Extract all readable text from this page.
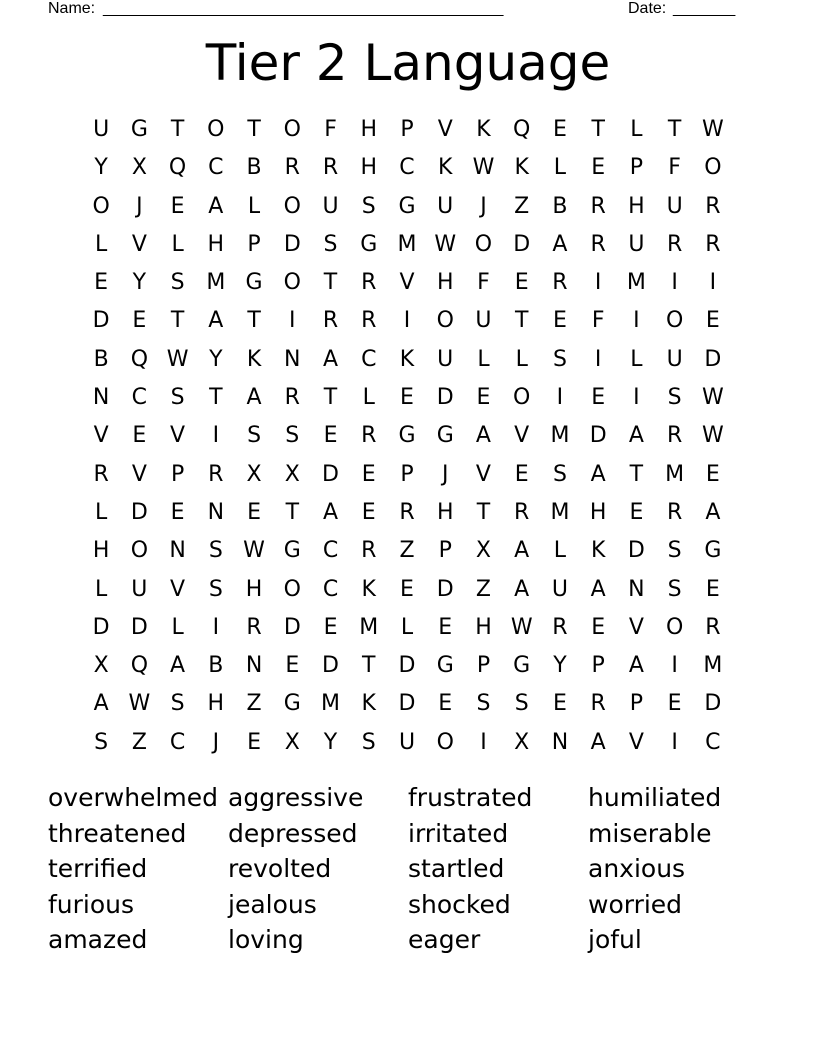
Name: _____________________________________________	Date: _______
Tier 2 Language
U G	T	O	T	O	F	H	P	V	K	Q	E	T	L	T W
Y	X	Q C	B	R	R	H	C	K W K	L	E	P	F	O
O	J	E	A	L	O U	S	G U	J	Z	B	R	H U	R
L	V	L	H	P	D	S	G M W O D	A	R	U	R	R
E	Y	S M G O	T	R	V	H	F	E	R	I	M	I	I
D	E	T	A	T	I	R	R	I	O U	T	E	F	I	O	E
B	Q W Y	K	N	A	C	K	U	L	L	S	I	L	U D
N	C	S	T	A	R	T	L	E	D	E	O	I	E	I	S W
V	E	V	I	S	S	E	R	G G	A	V M D	A	R W
R	V	P	R	X	X	D	E	P	J	V	E	S	A	T	M E
L	D	E	N	E	T	A	E	R	H	T	R M H	E	R	A
H O N	S W G	C	R	Z	P	X	A	L	K	D	S	G
L	U	V	S	H O C	K	E	D	Z	A	U	A	N	S	E
D D	L	I	R	D	E M	L	E	H W R	E	V	O R
X	Q	A	B	N	E	D	T	D G	P	G	Y	P	A	I	M
A W S	H	Z	G M K	D	E	S	S	E	R	P	E	D
S	Z	C	J	E	X	Y	S	U O	I	X	N	A	V	I	C
overwhelmed aggressive	frustrated	humiliated
threatened	depressed	irritated	miserable
terrified	revolted	startled	anxious
furious	jealous	shocked	worried
amazed	loving	eager	joful
